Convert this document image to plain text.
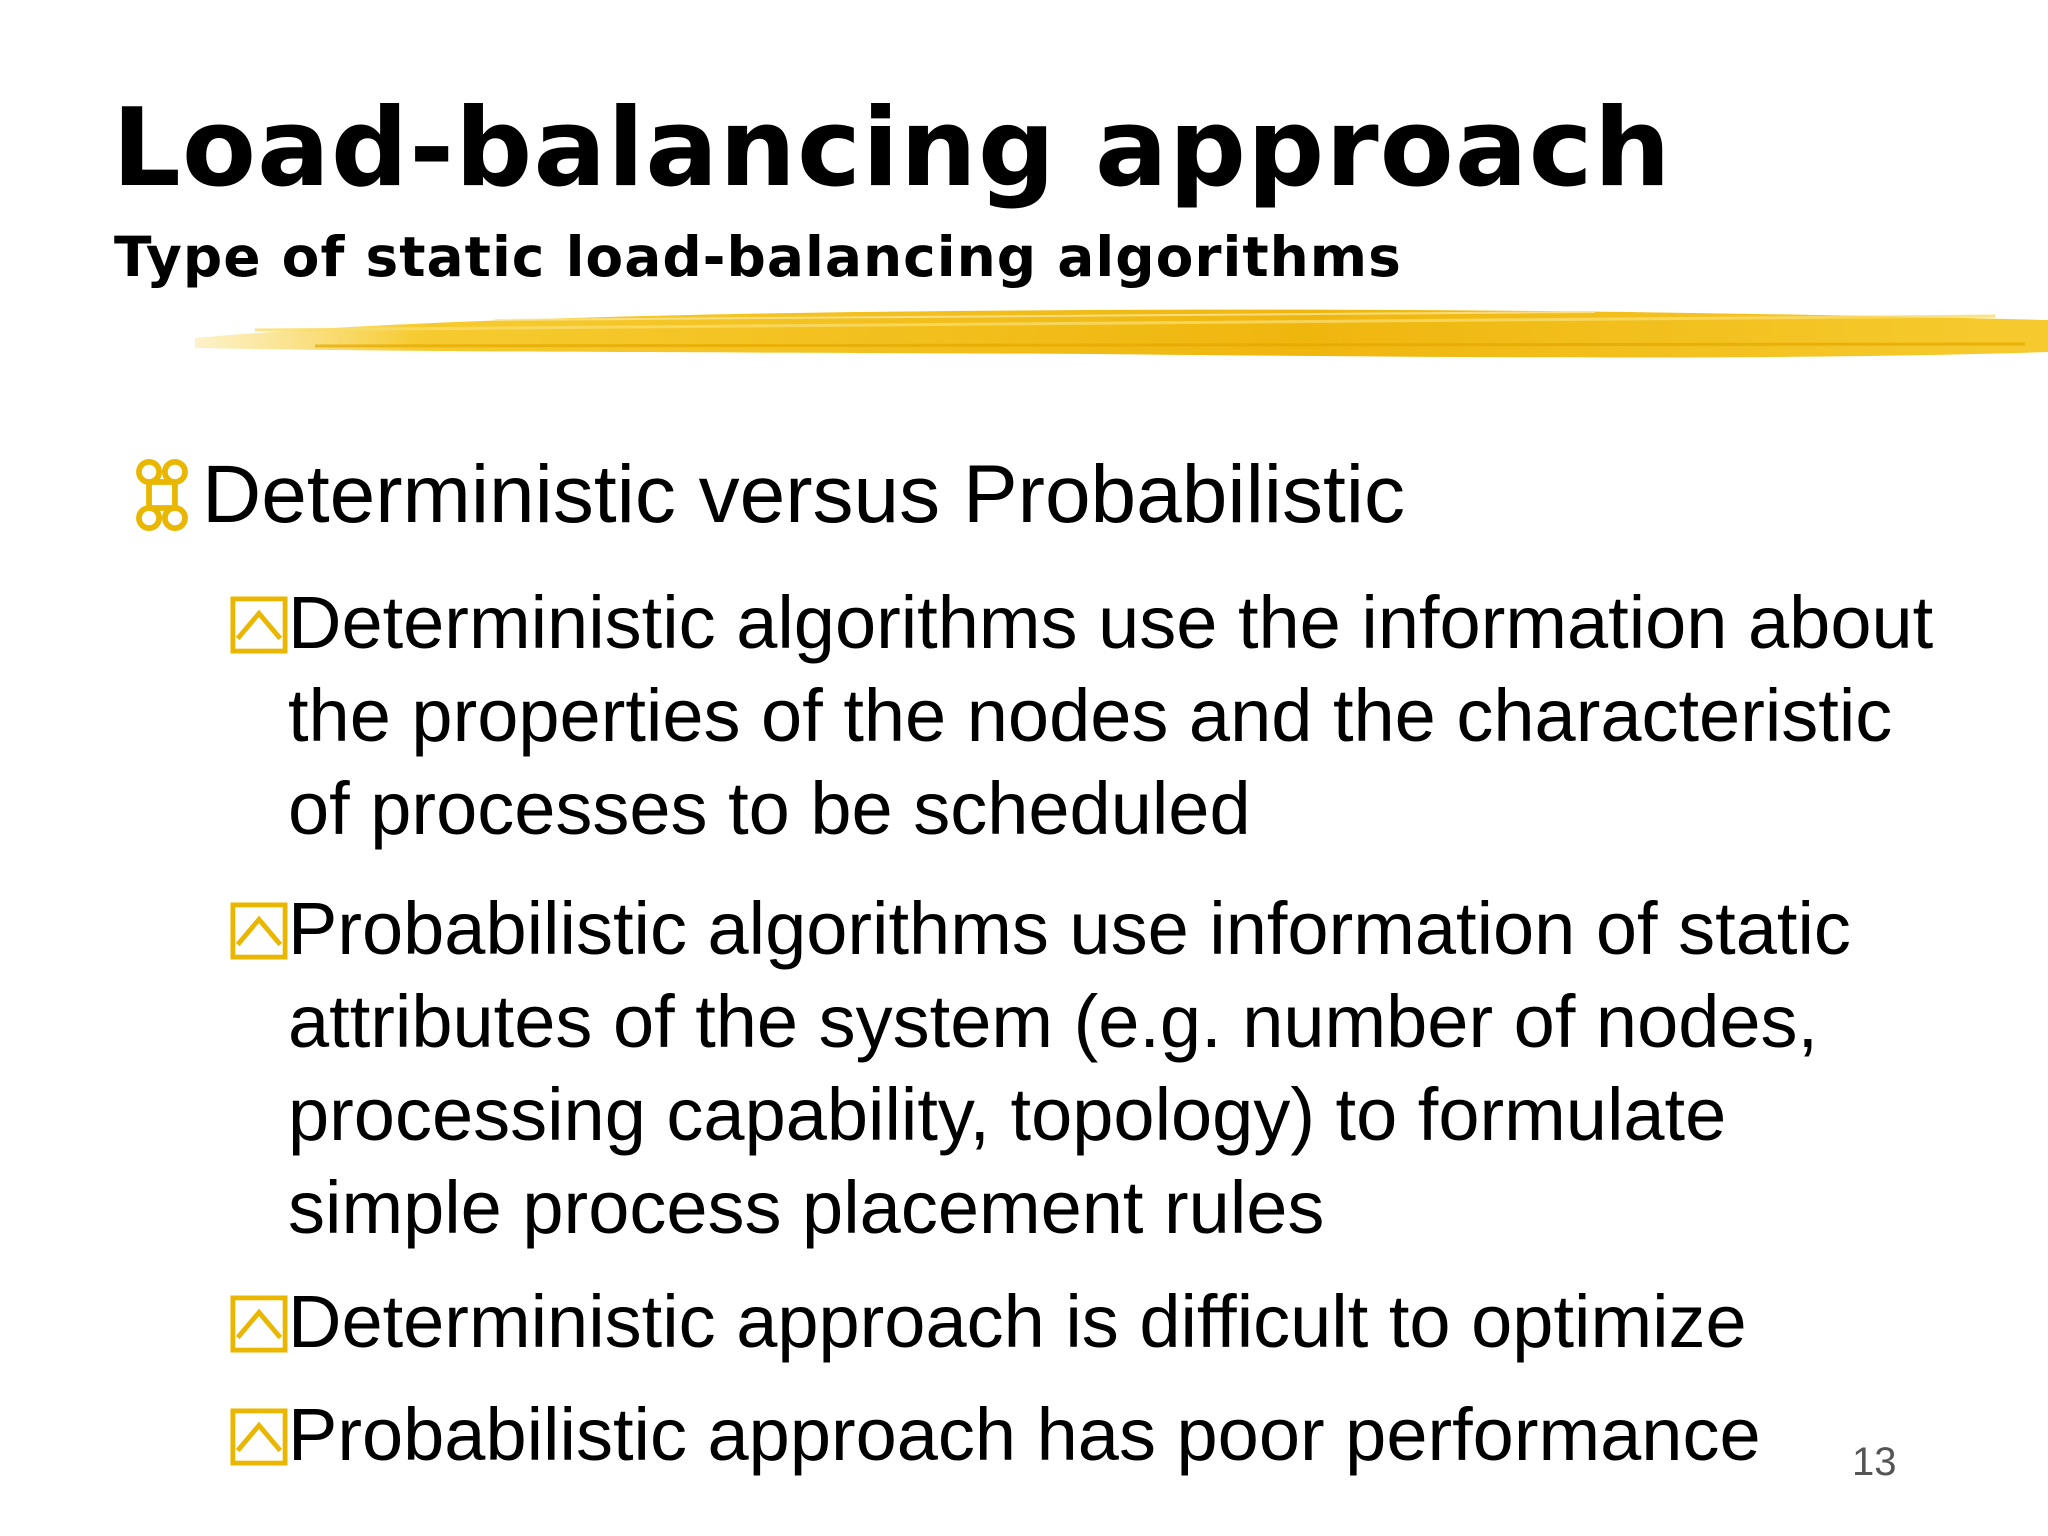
Load-balancing approach
Type of static load-balancing algorithms
Deterministic versus Probabilistic
Deterministic algorithms use the information about the properties of the nodes and the characteristic of processes to be scheduled
Probabilistic algorithms use information of static attributes of the system (e.g. number of nodes, processing capability, topology) to formulate simple process placement rules
Deterministic approach is difficult to optimize
Probabilistic approach has poor performance	13
